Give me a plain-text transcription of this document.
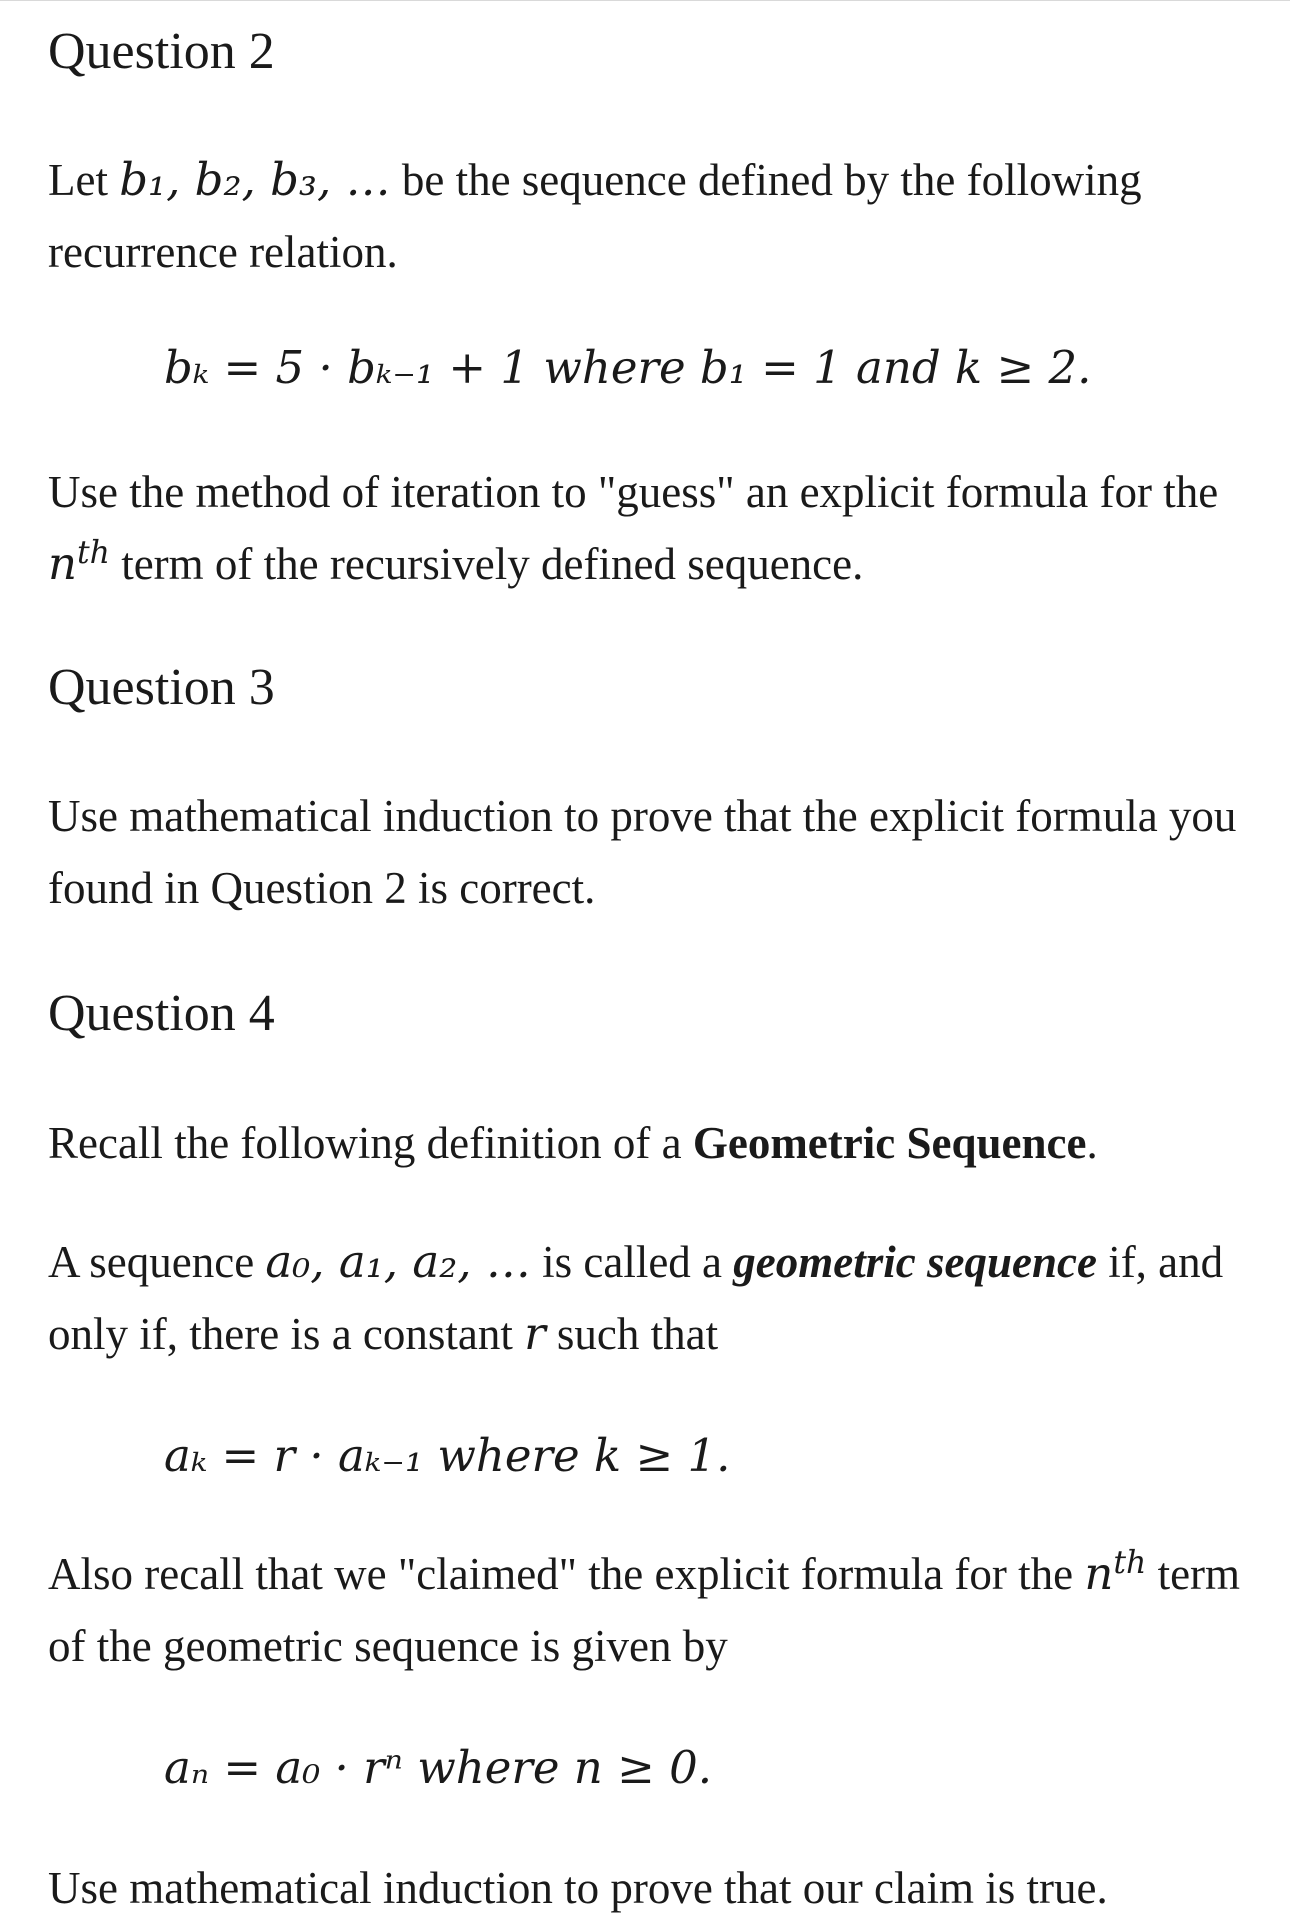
Question 2

Let b₁, b₂, b₃, … be the sequence defined by the following recurrence relation.

bₖ = 5 · bₖ₋₁ + 1 where b₁ = 1 and k ≥ 2.

Use the method of iteration to "guess" an explicit formula for the $n^{th}$ term of the recursively defined sequence.

Question 3

Use mathematical induction to prove that the explicit formula you found in Question 2 is correct.

Question 4

Recall the following definition of a Geometric Sequence.

A sequence a₀, a₁, a₂, … is called a geometric sequence if, and only if, there is a constant r such that

aₖ = r · aₖ₋₁ where k ≥ 1.

Also recall that we "claimed" the explicit formula for the $n^{th}$ term of the geometric sequence is given by

aₙ = a₀ · rⁿ where n ≥ 0.

Use mathematical induction to prove that our claim is true.
